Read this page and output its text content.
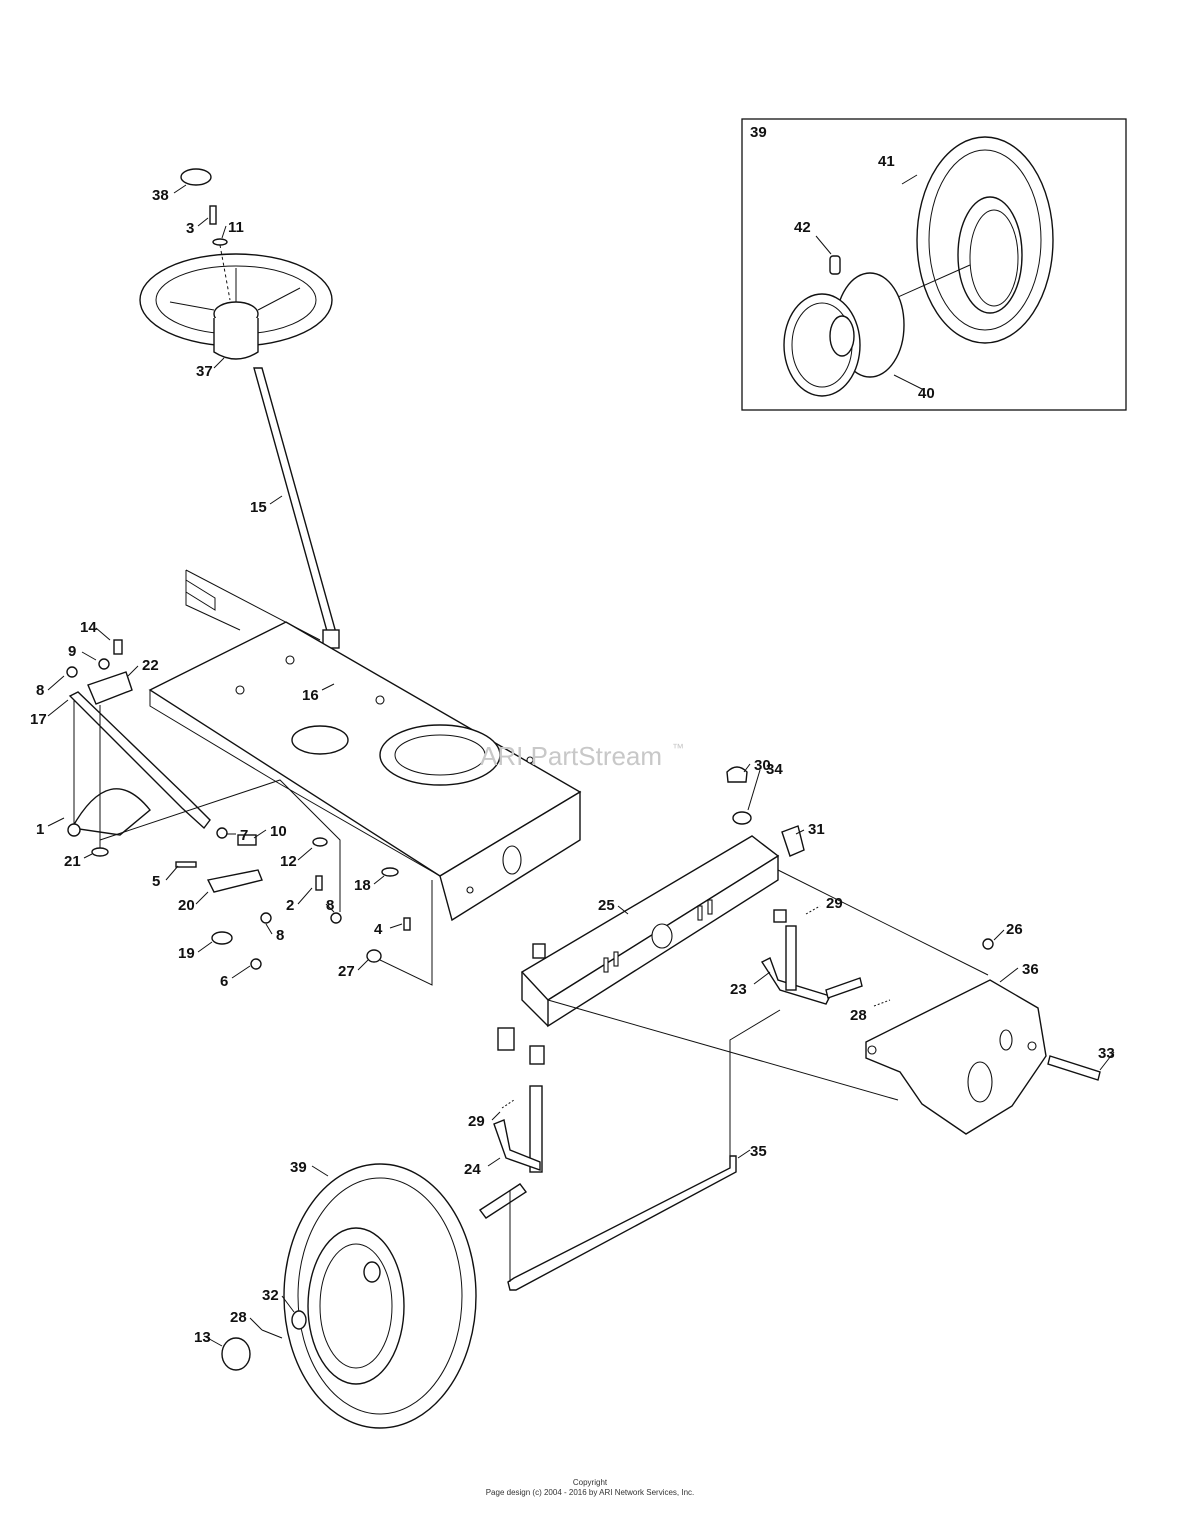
39
ARI PartStream ™
38
3 11
37
15
14
9
22
8
17
16
1
21
7 10
12
5
20	2
8
8
18
4
19
6
27
30
34
31
25	29
26
36
23
28
33
29
24
35
39
32
28
13
41
42
40
Copyright
Page design (c) 2004 - 2016 by ARI Network Services, Inc.
